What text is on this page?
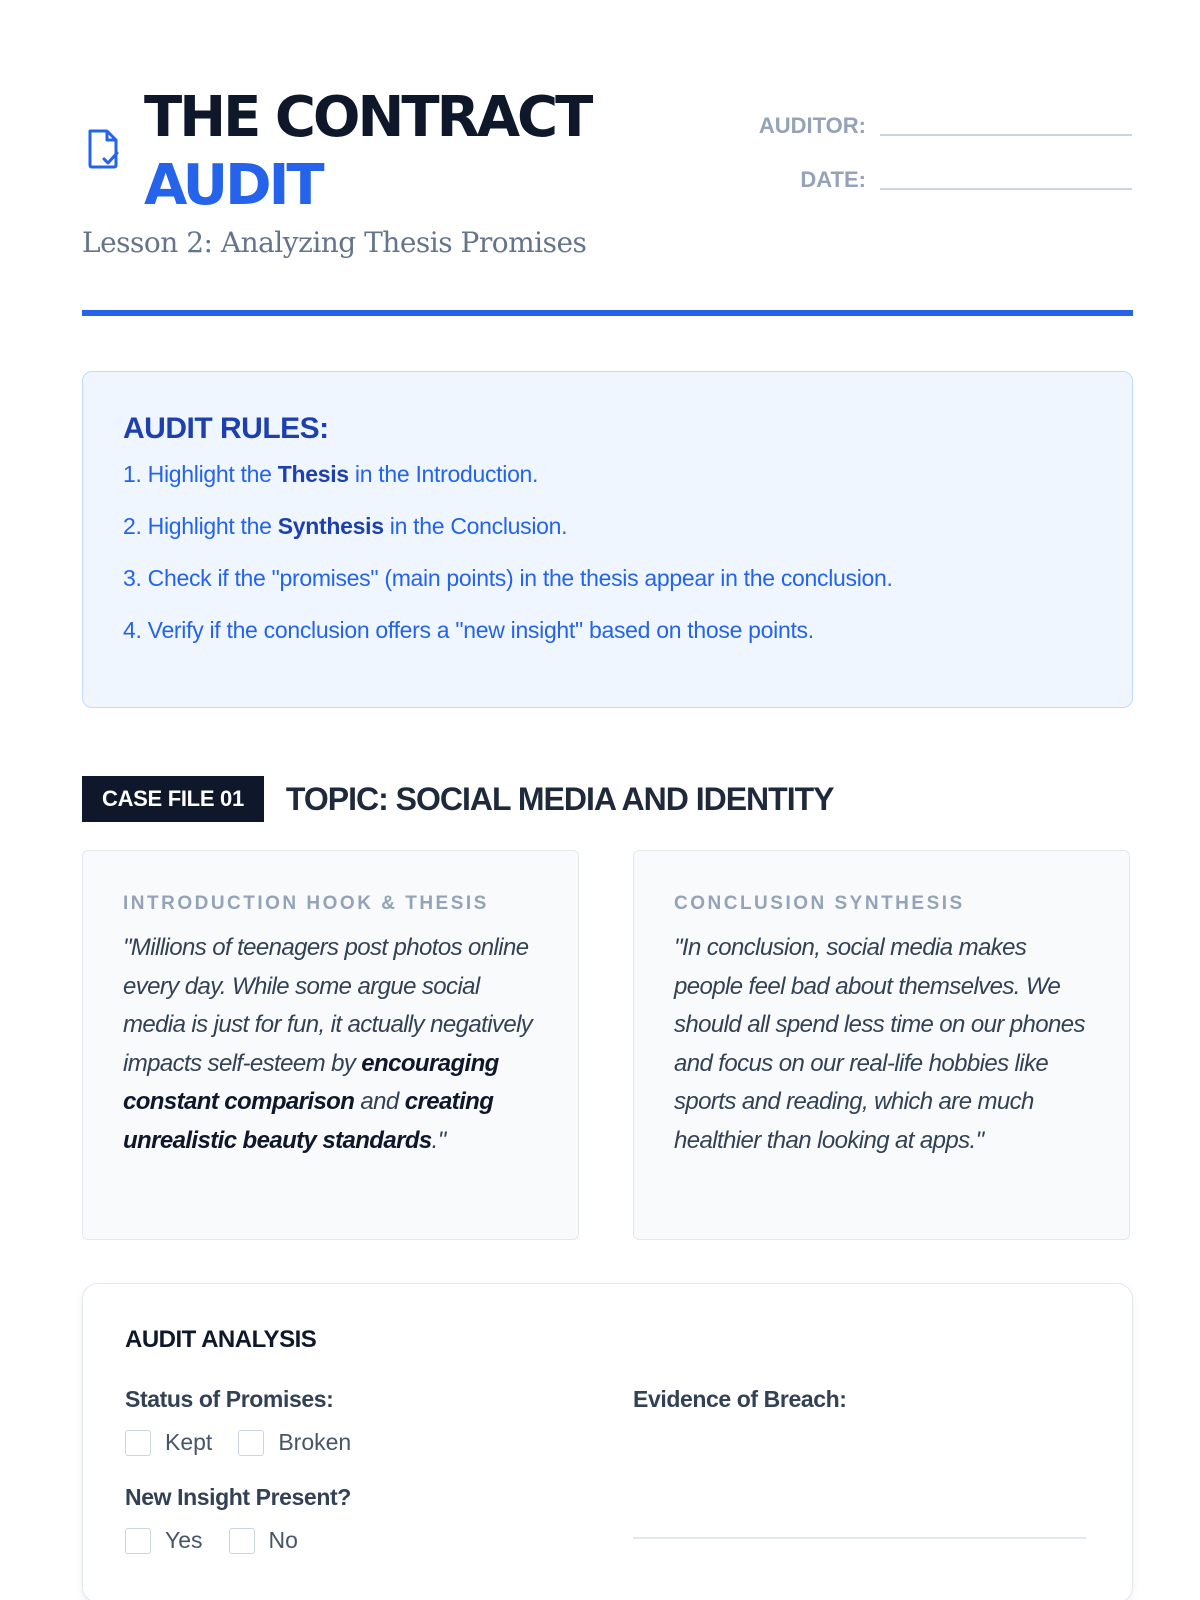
THE CONTRACT
AUDIT
Lesson 2: Analyzing Thesis Promises
AUDITOR:
DATE:
AUDIT RULES:
1. Highlight the Thesis in the Introduction.
2. Highlight the Synthesis in the Conclusion.
3. Check if the "promises" (main points) in the thesis appear in the conclusion.
4. Verify if the conclusion offers a "new insight" based on those points.
CASE FILE 01	TOPIC: SOCIAL MEDIA AND IDENTITY
INTRODUCTION HOOK & THESIS
"Millions of teenagers post photos online every day. While some argue social media is just for fun, it actually negatively impacts self-esteem by encouraging constant comparison and creating unrealistic beauty standards."
CONCLUSION SYNTHESIS
"In conclusion, social media makes people feel bad about themselves. We should all spend less time on our phones and focus on our real-life hobbies like sports and reading, which are much healthier than looking at apps."
AUDIT ANALYSIS
Status of Promises:
Kept	Broken
New Insight Present?
Yes	No
Evidence of Breach:
